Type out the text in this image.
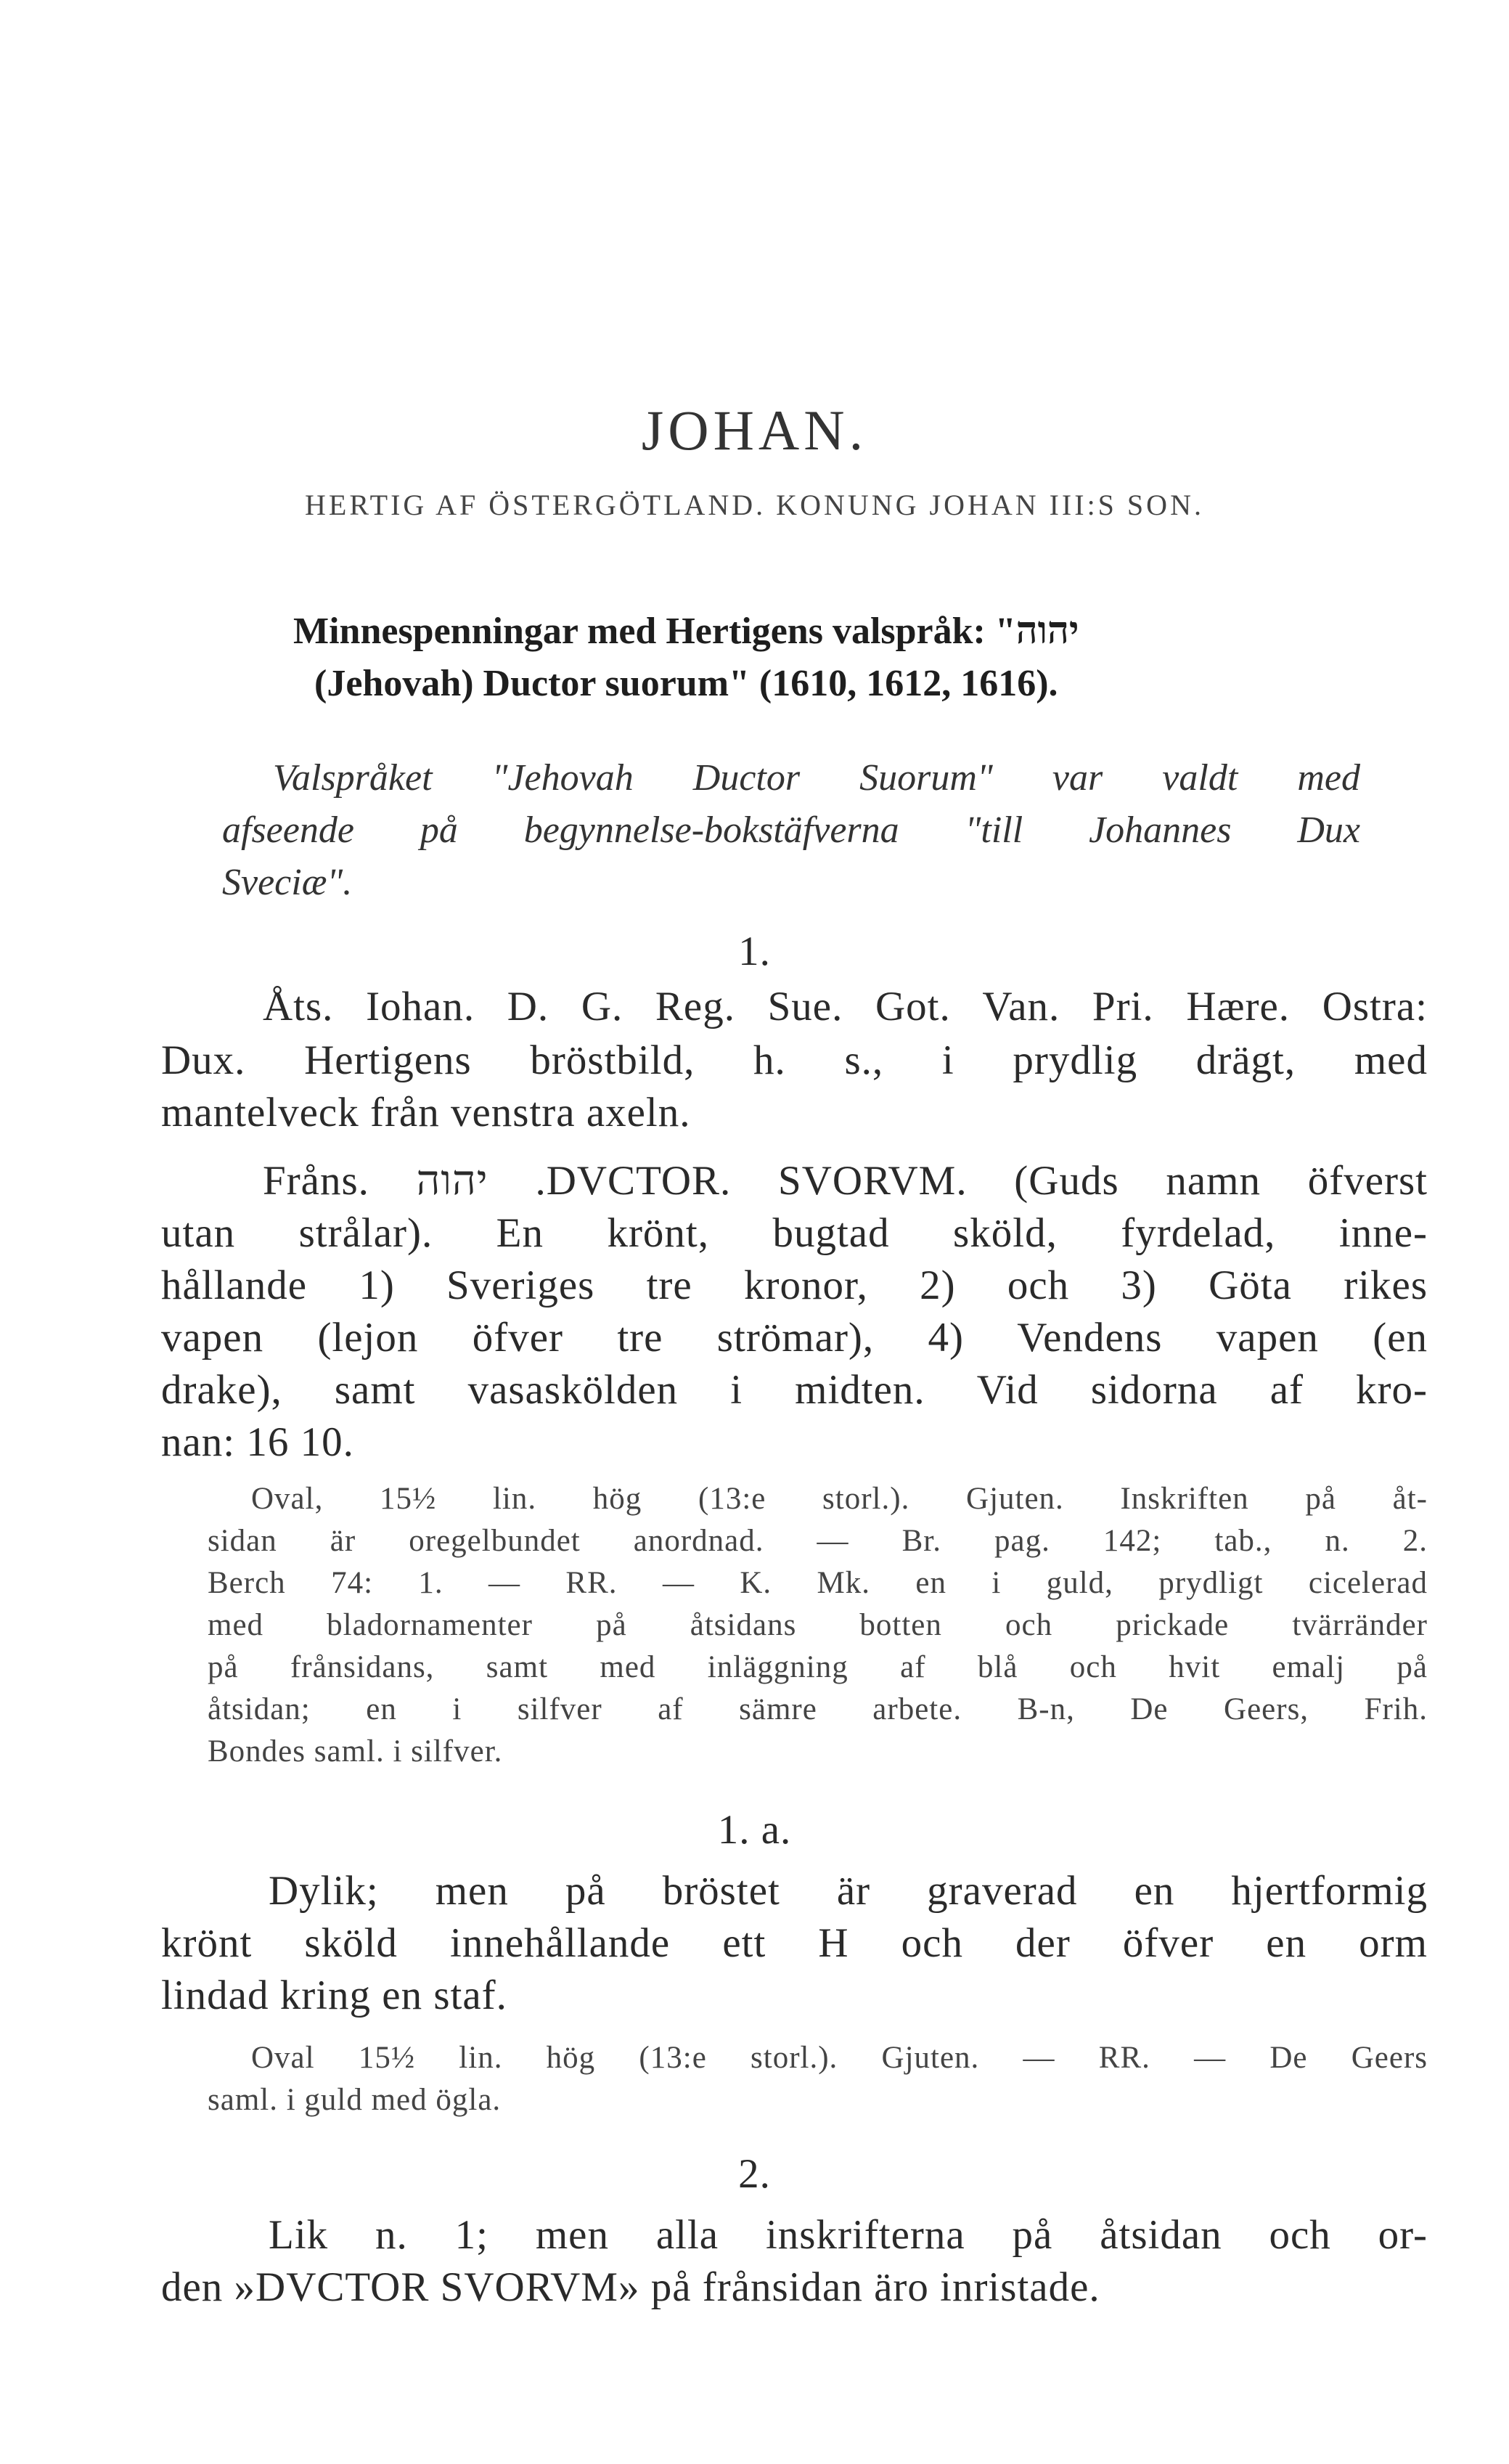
JOHAN.
HERTIG AF ÖSTERGÖTLAND. KONUNG JOHAN III:S SON.
Minnespenningar med Hertigens valspråk: "יהוה
(Jehovah) Ductor suorum" (1610, 1612, 1616).
Valspråket "Jehovah Ductor Suorum" var valdt med
afseende på begynnelse-bokstäfverna "till Johannes Dux
Sveciæ".
1.
Åts. Iohan. D. G. Reg. Sue. Got. Van. Pri. Hære. Ostra:
Dux. Hertigens bröstbild, h. s., i prydlig drägt, med
mantelveck från venstra axeln.
Fråns. יהוה .DVCTOR. SVORVM. (Guds namn öfverst
utan strålar). En krönt, bugtad sköld, fyrdelad, inne-
hållande 1) Sveriges tre kronor, 2) och 3) Göta rikes
vapen (lejon öfver tre strömar), 4) Vendens vapen (en
drake), samt vasaskölden i midten. Vid sidorna af kro-
nan: 16 10.
Oval, 15½ lin. hög (13:e storl.). Gjuten. Inskriften på åt-
sidan är oregelbundet anordnad. — Br. pag. 142; tab., n. 2.
Berch 74: 1. — RR. — K. Mk. en i guld, prydligt cicelerad
med bladornamenter på åtsidans botten och prickade tvärränder
på frånsidans, samt med inläggning af blå och hvit emalj på
åtsidan; en i silfver af sämre arbete. B-n, De Geers, Frih.
Bondes saml. i silfver.
1. a.
Dylik; men på bröstet är graverad en hjertformig
krönt sköld innehållande ett H och der öfver en orm
lindad kring en staf.
Oval 15½ lin. hög (13:e storl.). Gjuten. — RR. — De Geers
saml. i guld med ögla.
2.
Lik n. 1; men alla inskrifterna på åtsidan och or-
den »DVCTOR SVORVM» på frånsidan äro inristade.
